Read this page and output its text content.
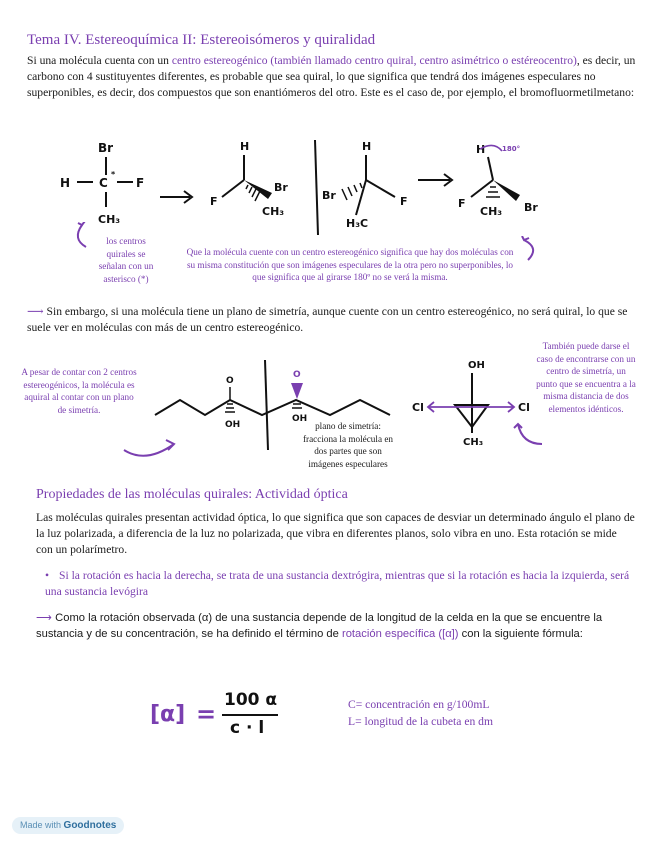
Tema IV. Estereoquímica II: Estereoisómeros y quiralidad
Si una molécula cuenta con un centro estereogénico (también llamado centro quiral, centro asimétrico o estéreocentro), es decir, un carbono con 4 sustituyentes diferentes, es probable que sea quiral, lo que significa que tendrá dos imágenes especulares no superponibles, es decir, dos compuestos que son enantiómeros del otro. Este es el caso de, por ejemplo, el bromofluormetilmetano:
Br
H C
*
F
CH₃
H
F
Br
CH₃
H
F
Br
H₃C
H 180°
F	Br
CH₃
los centros quirales se señalan con un asterisco (*)
Que la molécula cuente con un centro estereogénico significa que hay dos moléculas con su misma constitución que son imágenes especulares de la otra pero no superponibles, lo que significa que al girarse 180º no se verá la misma.
⟶ Sin embargo, si una molécula tiene un plano de simetría, aunque cuente con un centro estereogénico, no será quiral, lo que se suele ver en moléculas con más de un centro estereogénico.
O
OH
O
OH
OH
CH₃
Cl	Cl
A pesar de contar con 2 centros estereogénicos, la molécula es aquiral al contar con un plano de simetría.
plano de simetría: fracciona la molécula en dos partes que son imágenes especulares
También puede darse el caso de encontrarse con un centro de simetría, un punto que se encuentra a la misma distancia de dos elementos idénticos.
Propiedades de las moléculas quirales: Actividad óptica
Las moléculas quirales presentan actividad óptica, lo que significa que son capaces de desviar un determinado ángulo el plano de la luz polarizada, a diferencia de la luz no polarizada, que vibra en diferentes planos, solo vibra en uno. Esta rotación se mide con un polarímetro.
• Si la rotación es hacia la derecha, se trata de una sustancia dextrógira, mientras que si la rotación es hacia la izquierda, será una sustancia levógira
⟶ Como la rotación observada (α) de una sustancia depende de la longitud de la celda en la que se encuentre la sustancia y de su concentración, se ha definido el término de rotación específica ([α]) con la siguiente fórmula:
[α] = 100 α
c · l
C= concentración en g/100mL
L= longitud de la cubeta en dm
Made with Goodnotes
